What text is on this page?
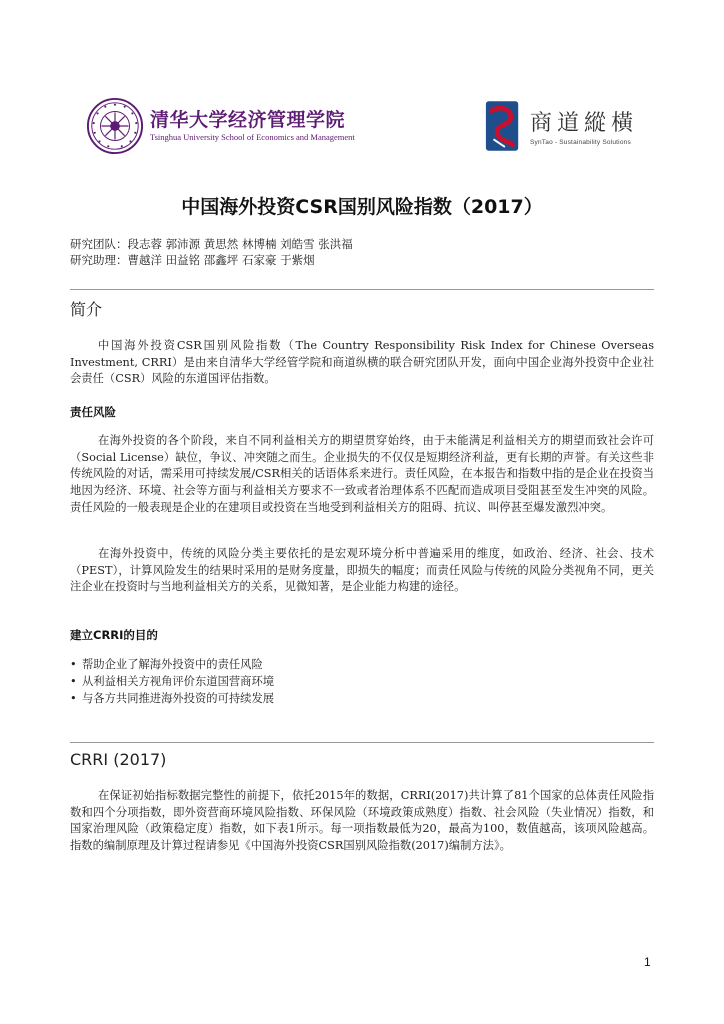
清华大学经济管理学院
Tsinghua University School of Economics and Management
商道縱橫
SynTao - Sustainability Solutions
中国海外投资CSR国别风险指数（2017）
研究团队：段志蓉 郭沛源 黄思然 林博楠 刘皓雪 张洪福
研究助理：曹越洋 田益铭 邵鑫坪 石家豪 于紫烟
简介

中国海外投资CSR国别风险指数（The Country Responsibility Risk Index for Chinese Overseas Investment, CRRI）是由来自清华大学经管学院和商道纵横的联合研究团队开发，面向中国企业海外投资中企业社会责任（CSR）风险的东道国评估指数。

责任风险

在海外投资的各个阶段，来自不同利益相关方的期望贯穿始终，由于未能满足利益相关方的期望而致社会许可（Social License）缺位，争议、冲突随之而生。企业损失的不仅仅是短期经济利益，更有长期的声誉。有关这些非传统风险的对话，需采用可持续发展/CSR相关的话语体系来进行。责任风险，在本报告和指数中指的是企业在投资当地因为经济、环境、社会等方面与利益相关方要求不一致或者治理体系不匹配而造成项目受阻甚至发生冲突的风险。责任风险的一般表现是企业的在建项目或投资在当地受到利益相关方的阻碍、抗议、叫停甚至爆发激烈冲突。

在海外投资中，传统的风险分类主要依托的是宏观环境分析中普遍采用的维度，如政治、经济、社会、技术（PEST），计算风险发生的结果时采用的是财务度量，即损失的幅度；而责任风险与传统的风险分类视角不同，更关注企业在投资时与当地利益相关方的关系，见微知著，是企业能力构建的途径。

建立CRRI的目的
• 帮助企业了解海外投资中的责任风险
• 从利益相关方视角评价东道国营商环境
• 与各方共同推进海外投资的可持续发展
CRRI (2017)

在保证初始指标数据完整性的前提下，依托2015年的数据，CRRI(2017)共计算了81个国家的总体责任风险指数和四个分项指数，即外资营商环境风险指数、环保风险（环境政策成熟度）指数、社会风险（失业情况）指数，和国家治理风险（政策稳定度）指数，如下表1所示。每一项指数最低为20，最高为100，数值越高，该项风险越高。指数的编制原理及计算过程请参见《中国海外投资CSR国别风险指数(2017)编制方法》。

1
